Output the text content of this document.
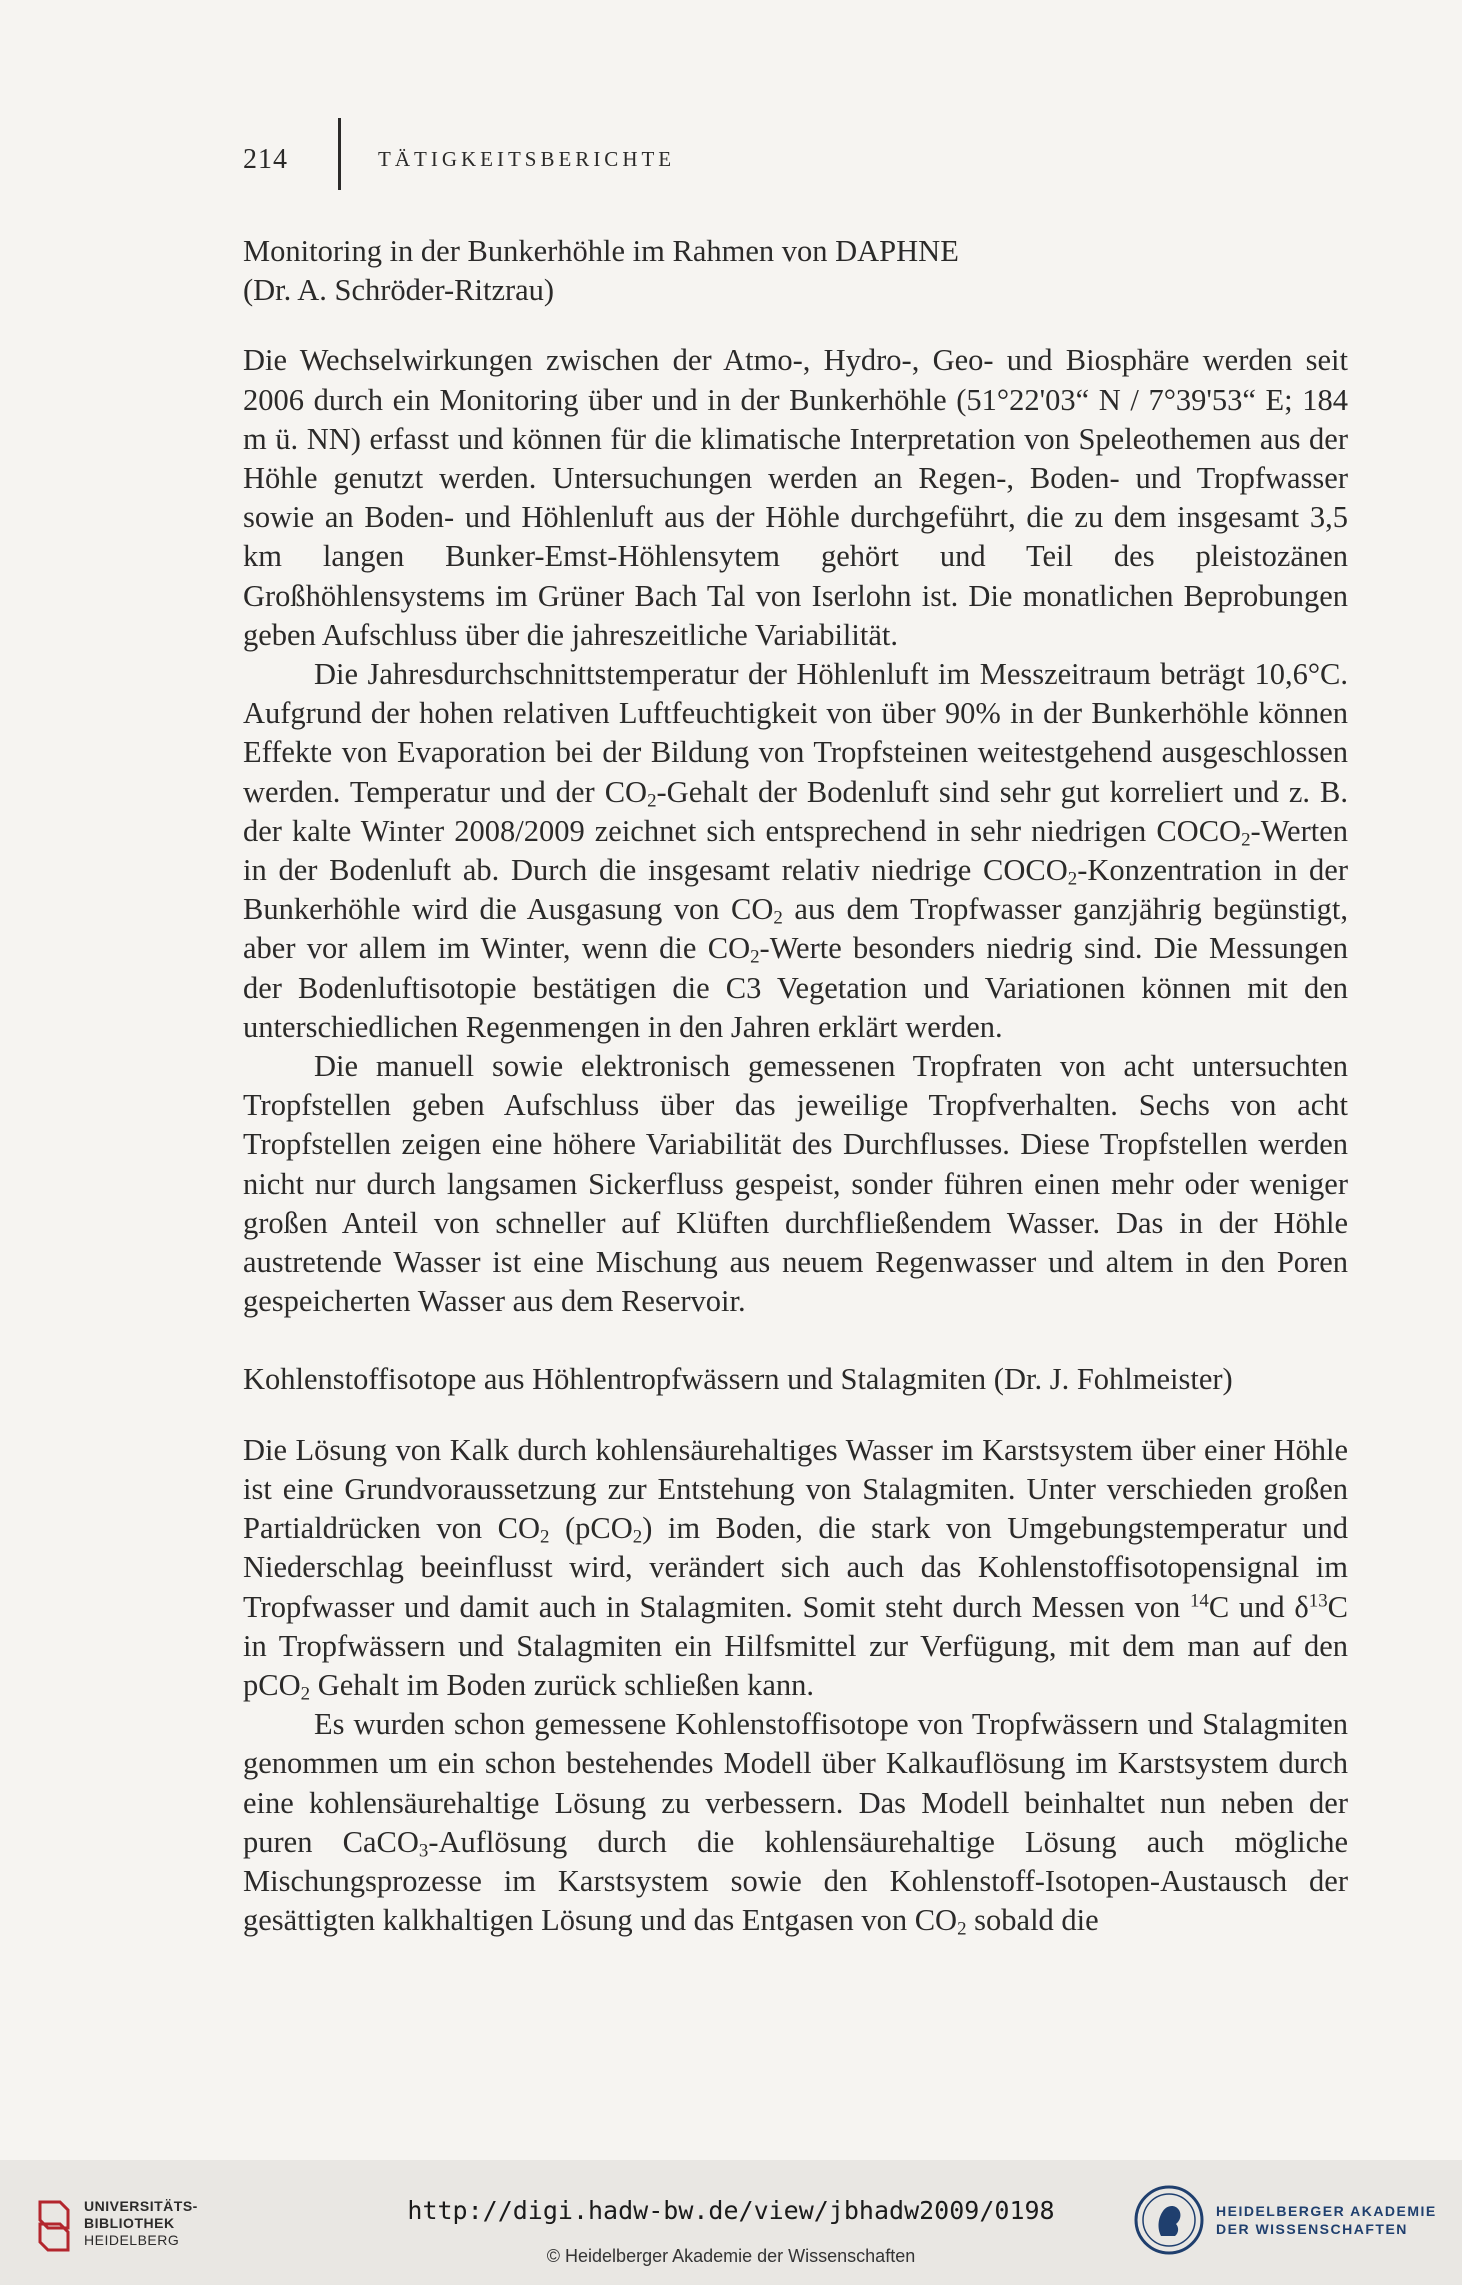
214	TÄTIGKEITSBERICHTE
Monitoring in der Bunkerhöhle im Rahmen von DAPHNE
(Dr. A. Schröder-Ritzrau)

Die Wechselwirkungen zwischen der Atmo-, Hydro-, Geo- und Biosphäre werden seit 2006 durch ein Monitoring über und in der Bunkerhöhle (51°22'03“ N / 7°39'53“ E; 184 m ü. NN) erfasst und können für die klimatische Interpretation von Speleothemen aus der Höhle genutzt werden. Untersuchungen werden an Regen-, Boden- und Tropfwasser sowie an Boden- und Höhlenluft aus der Höhle durchgeführt, die zu dem insgesamt 3,5 km langen Bunker-Emst-Höhlensytem gehört und Teil des pleistozänen Großhöhlensystems im Grüner Bach Tal von Iserlohn ist. Die monatlichen Beprobungen geben Aufschluss über die jahreszeitliche Variabilität.

Die Jahresdurchschnittstemperatur der Höhlenluft im Messzeitraum beträgt 10,6°C. Aufgrund der hohen relativen Luftfeuchtigkeit von über 90% in der Bunkerhöhle können Effekte von Evaporation bei der Bildung von Tropfsteinen weitestgehend ausgeschlossen werden. Temperatur und der $CO_2$-Gehalt der Bodenluft sind sehr gut korreliert und z. B. der kalte Winter 2008/2009 zeichnet sich entsprechend in sehr niedrigen $COCO_2$-Werten in der Bodenluft ab. Durch die insgesamt relativ niedrige $COCO_2$-Konzentration in der Bunkerhöhle wird die Ausgasung von $CO_2$ aus dem Tropfwasser ganzjährig begünstigt, aber vor allem im Winter, wenn die $CO_2$-Werte besonders niedrig sind. Die Messungen der Bodenluftisotopie bestätigen die C3 Vegetation und Variationen können mit den unterschiedlichen Regenmengen in den Jahren erklärt werden.

Die manuell sowie elektronisch gemessenen Tropfraten von acht untersuchten Tropfstellen geben Aufschluss über das jeweilige Tropfverhalten. Sechs von acht Tropfstellen zeigen eine höhere Variabilität des Durchflusses. Diese Tropfstellen werden nicht nur durch langsamen Sickerfluss gespeist, sonder führen einen mehr oder weniger großen Anteil von schneller auf Klüften durchfließendem Wasser. Das in der Höhle austretende Wasser ist eine Mischung aus neuem Regenwasser und altem in den Poren gespeicherten Wasser aus dem Reservoir.

Kohlenstoffisotope aus Höhlentropfwässern und Stalagmiten (Dr. J. Fohlmeister)

Die Lösung von Kalk durch kohlensäurehaltiges Wasser im Karstsystem über einer Höhle ist eine Grundvoraussetzung zur Entstehung von Stalagmiten. Unter verschieden großen Partialdrücken von $CO_2$ (pCO$_2$) im Boden, die stark von Umgebungstemperatur und Niederschlag beeinflusst wird, verändert sich auch das Kohlenstoffisotopensignal im Tropfwasser und damit auch in Stalagmiten. Somit steht durch Messen von $^{14}$C und $\delta^{13}C$ in Tropfwässern und Stalagmiten ein Hilfsmittel zur Verfügung, mit dem man auf den pCO$_2$ Gehalt im Boden zurück schließen kann.

Es wurden schon gemessene Kohlenstoffisotope von Tropfwässern und Stalagmiten genommen um ein schon bestehendes Modell über Kalkauflösung im Karstsystem durch eine kohlensäurehaltige Lösung zu verbessern. Das Modell beinhaltet nun neben der puren CaCO$_3$-Auflösung durch die kohlensäurehaltige Lösung auch mögliche Mischungsprozesse im Karstsystem sowie den Kohlenstoff-Isotopen-Austausch der gesättigten kalkhaltigen Lösung und das Entgasen von $CO_2$ sobald die

UNIVERSITÄTS-
BIBLIOTHEK
HEIDELBERG
http://digi.hadw-bw.de/view/jbhadw2009/0198
© Heidelberger Akademie der Wissenschaften
HEIDELBERGER AKADEMIE
DER WISSENSCHAFTEN
